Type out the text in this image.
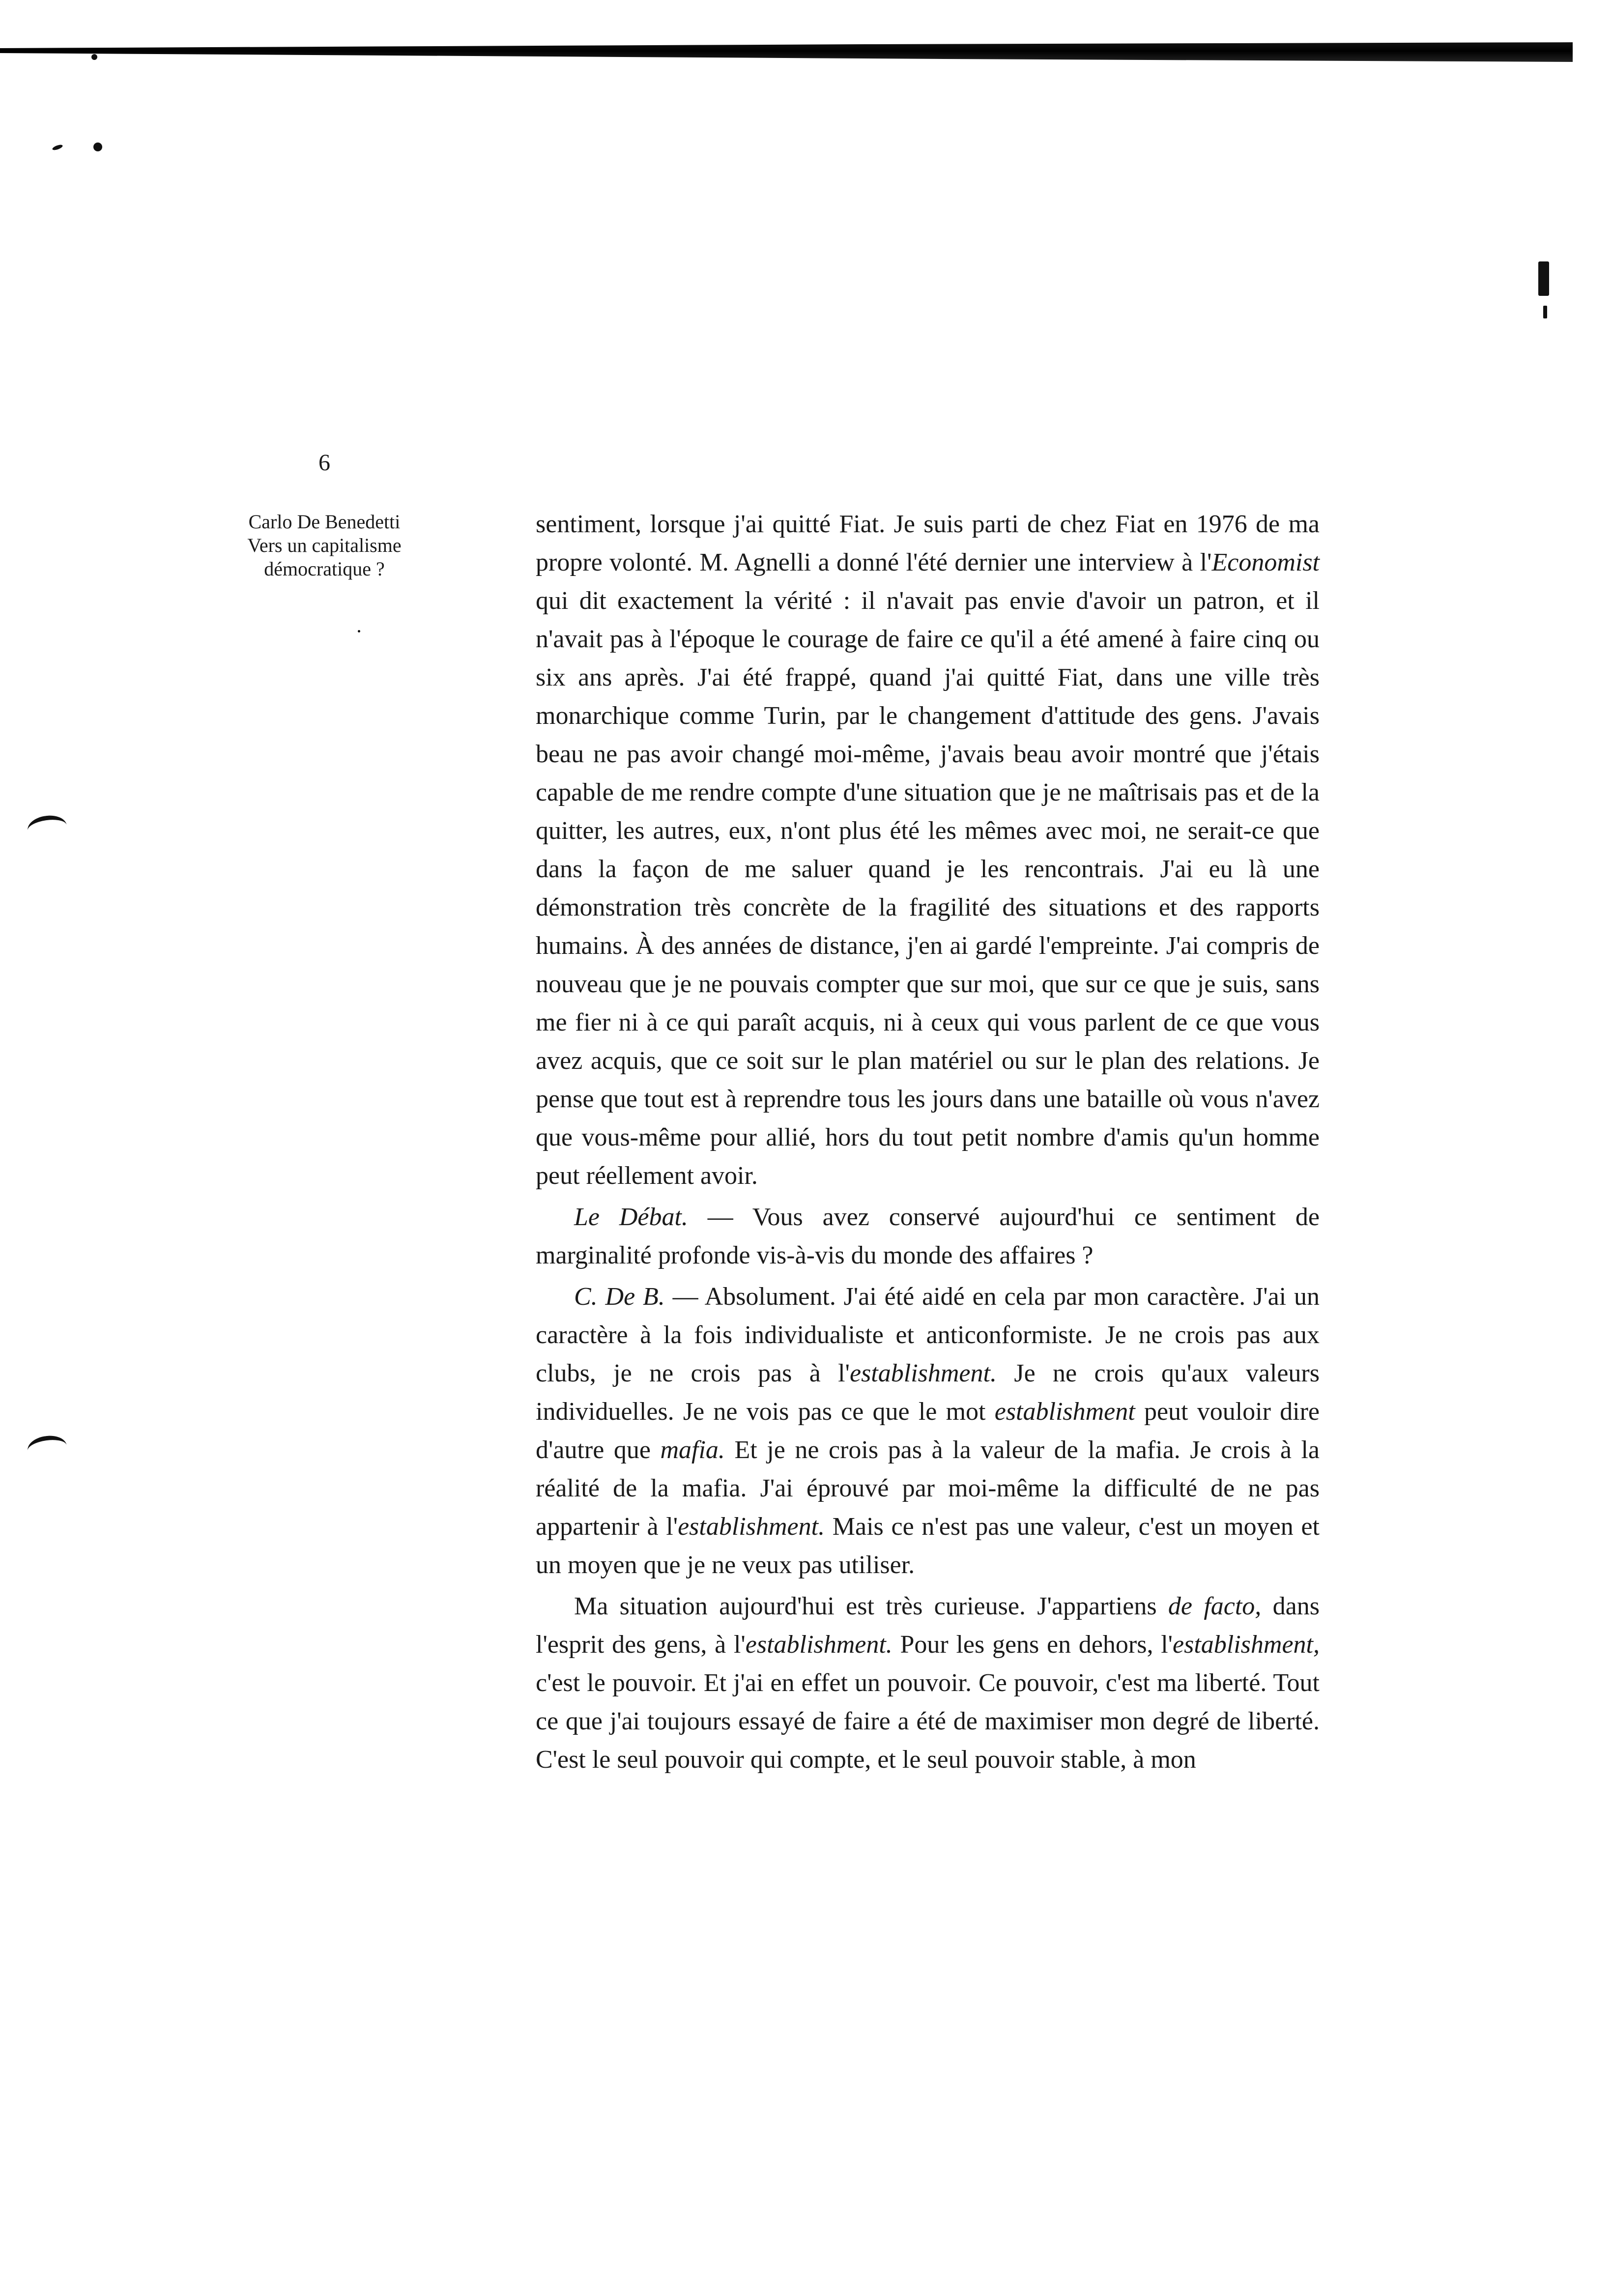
6
Carlo De Benedetti
Vers un capitalisme
démocratique ?

sentiment, lorsque j'ai quitté Fiat. Je suis parti de chez Fiat en 1976 de ma propre volonté. M. Agnelli a donné l'été dernier une interview à l'Economist qui dit exactement la vérité : il n'avait pas envie d'avoir un patron, et il n'avait pas à l'époque le courage de faire ce qu'il a été amené à faire cinq ou six ans après. J'ai été frappé, quand j'ai quitté Fiat, dans une ville très monarchique comme Turin, par le changement d'attitude des gens. J'avais beau ne pas avoir changé moi-même, j'avais beau avoir montré que j'étais capable de me rendre compte d'une situation que je ne maîtrisais pas et de la quitter, les autres, eux, n'ont plus été les mêmes avec moi, ne serait-ce que dans la façon de me saluer quand je les rencontrais. J'ai eu là une démonstration très concrète de la fragilité des situations et des rapports humains. À des années de distance, j'en ai gardé l'empreinte. J'ai compris de nouveau que je ne pouvais compter que sur moi, que sur ce que je suis, sans me fier ni à ce qui paraît acquis, ni à ceux qui vous parlent de ce que vous avez acquis, que ce soit sur le plan matériel ou sur le plan des relations. Je pense que tout est à reprendre tous les jours dans une bataille où vous n'avez que vous-même pour allié, hors du tout petit nombre d'amis qu'un homme peut réellement avoir.

Le Débat. — Vous avez conservé aujourd'hui ce sentiment de marginalité profonde vis-à-vis du monde des affaires ?

C. De B. — Absolument. J'ai été aidé en cela par mon caractère. J'ai un caractère à la fois individualiste et anticonformiste. Je ne crois pas aux clubs, je ne crois pas à l'establishment. Je ne crois qu'aux valeurs individuelles. Je ne vois pas ce que le mot establishment peut vouloir dire d'autre que mafia. Et je ne crois pas à la valeur de la mafia. Je crois à la réalité de la mafia. J'ai éprouvé par moi-même la difficulté de ne pas appartenir à l'establishment. Mais ce n'est pas une valeur, c'est un moyen et un moyen que je ne veux pas utiliser.

Ma situation aujourd'hui est très curieuse. J'appartiens de facto, dans l'esprit des gens, à l'establishment. Pour les gens en dehors, l'establishment, c'est le pouvoir. Et j'ai en effet un pouvoir. Ce pouvoir, c'est ma liberté. Tout ce que j'ai toujours essayé de faire a été de maximiser mon degré de liberté. C'est le seul pouvoir qui compte, et le seul pouvoir stable, à mon
